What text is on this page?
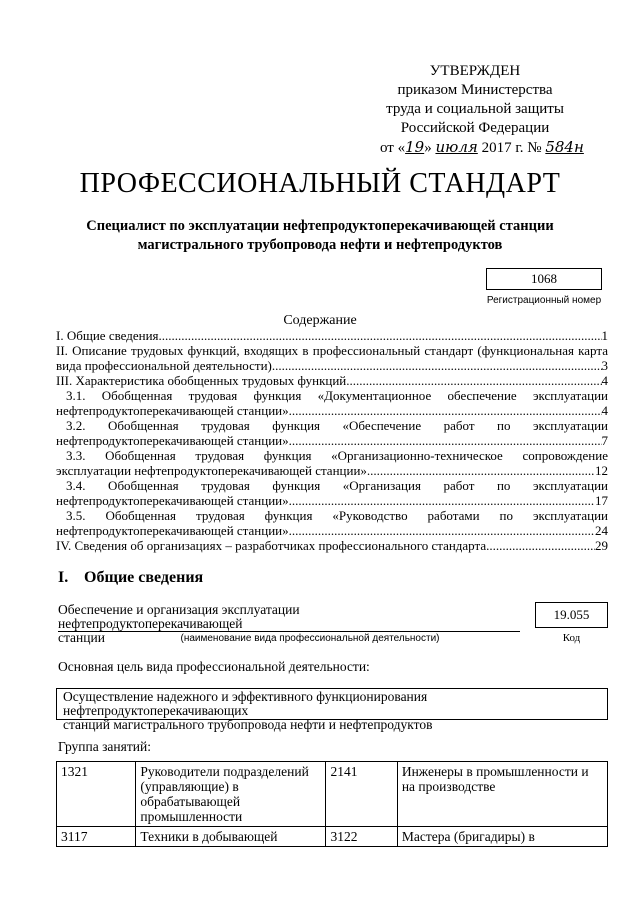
УТВЕРЖДЕН
приказом Министерства
труда и социальной защиты
Российской Федерации
от «19» июля 2017 г. № 584н
ПРОФЕССИОНАЛЬНЫЙ СТАНДАРТ
Специалист по эксплуатации нефтепродуктоперекачивающей станции
магистрального трубопровода нефти и нефтепродуктов
1068
Регистрационный номер
Содержание
I. Общие сведения .....	1
II. Описание трудовых функций, входящих в профессиональный стандарт (функциональная карта
вида профессиональной деятельности) .....	3
III. Характеристика обобщенных трудовых функций .....	4
3.1. Обобщенная трудовая функция «Документационное обеспечение эксплуатации
нефтепродуктоперекачивающей станции» .....	4
3.2. Обобщенная трудовая функция «Обеспечение работ по эксплуатации
нефтепродуктоперекачивающей станции» .....	7
3.3. Обобщенная трудовая функция «Организационно-техническое сопровождение
эксплуатации нефтепродуктоперекачивающей станции» .....	12
3.4. Обобщенная трудовая функция «Организация работ по эксплуатации
нефтепродуктоперекачивающей станции» .....	17
3.5. Обобщенная трудовая функция «Руководство работами по эксплуатации
нефтепродуктоперекачивающей станции» .....	24
IV. Сведения об организациях – разработчиках профессионального стандарта .....	29
I. Общие сведения
Обеспечение и организация эксплуатации нефтепродуктоперекачивающей
станции	(наименование вида профессиональной деятельности)
19.055
Код
Основная цель вида профессиональной деятельности:
Осуществление надежного и эффективного функционирования нефтепродуктоперекачивающих
станций магистрального трубопровода нефти и нефтепродуктов
Группа занятий:
1321	Руководители подразделений (управляющие) в обрабатывающей промышленности	2141	Инженеры в промышленности и на производстве
3117	Техники в добывающей	3122	Мастера (бригадиры) в
